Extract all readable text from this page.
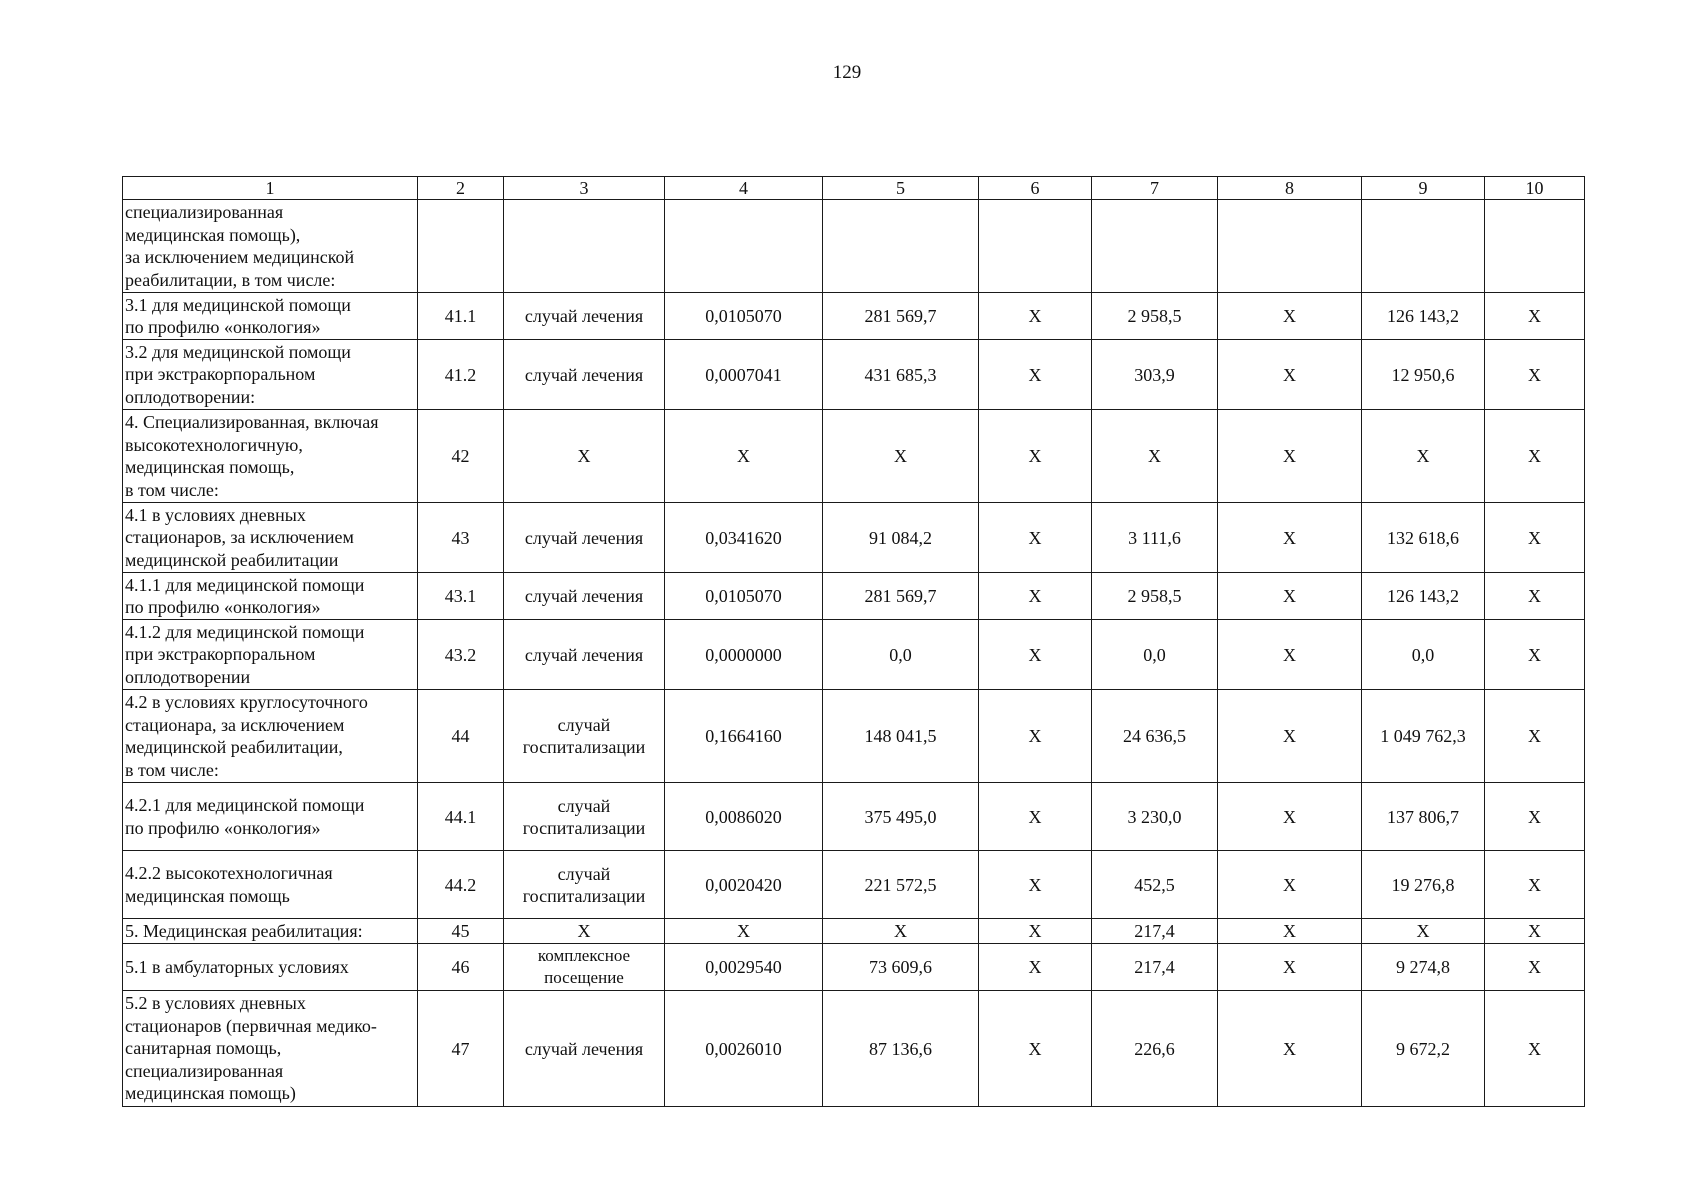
129
1	2	3	4	5	6	7	8	9	10
специализированная
медицинская помощь),
за исключением медицинской
реабилитации, в том числе:									
3.1 для медицинской помощи
по профилю «онкология»	41.1	случай лечения	0,0105070	281 569,7	X	2 958,5	X	126 143,2	X
3.2 для медицинской помощи
при экстракорпоральном
оплодотворении:	41.2	случай лечения	0,0007041	431 685,3	X	303,9	X	12 950,6	X
4. Специализированная, включая
высокотехнологичную,
медицинская помощь,
в том числе:	42	X	X	X	X	X	X	X	X
4.1 в условиях дневных
стационаров, за исключением
медицинской реабилитации	43	случай лечения	0,0341620	91 084,2	X	3 111,6	X	132 618,6	X
4.1.1 для медицинской помощи
по профилю «онкология»	43.1	случай лечения	0,0105070	281 569,7	X	2 958,5	X	126 143,2	X
4.1.2 для медицинской помощи
при экстракорпоральном
оплодотворении	43.2	случай лечения	0,0000000	0,0	X	0,0	X	0,0	X
4.2 в условиях круглосуточного
стационара, за исключением
медицинской реабилитации,
в том числе:	44	случай
госпитализации	0,1664160	148 041,5	X	24 636,5	X	1 049 762,3	X
4.2.1 для медицинской помощи
по профилю «онкология»	44.1	случай
госпитализации	0,0086020	375 495,0	X	3 230,0	X	137 806,7	X
4.2.2 высокотехнологичная
медицинская помощь	44.2	случай
госпитализации	0,0020420	221 572,5	X	452,5	X	19 276,8	X
5. Медицинская реабилитация:	45	X	X	X	X	217,4	X	X	X
5.1 в амбулаторных условиях	46	комплексное
посещение	0,0029540	73 609,6	X	217,4	X	9 274,8	X
5.2 в условиях дневных
стационаров (первичная медико-
санитарная помощь,
специализированная
медицинская помощь)	47	случай лечения	0,0026010	87 136,6	X	226,6	X	9 672,2	X
